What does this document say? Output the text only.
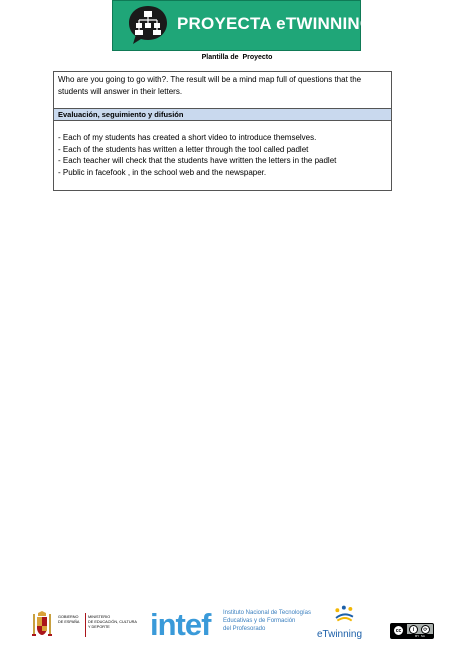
PROYECTA eTWINNING
Plantilla de  Proyecto
Who are you going to go with?. The result will be a mind map full of questions that the students will answer in their letters.
Evaluación, seguimiento y difusión
- Each of my students has created a short video to introduce themselves.
- Each of the students has written a letter through the tool called padlet
- Each teacher will check that the students have written the letters in the padlet
- Public in facefook , in the school web and the newspaper.
GOBIERNO
DE ESPAÑA
MINISTERIO
DE EDUCACIÓN, CULTURA
Y DEPORTE	intef	Instituto Nacional de Tecnologías
Educativas y de Formación
del Profesorado	eTwinning	cc	i	⟳
BY SA
